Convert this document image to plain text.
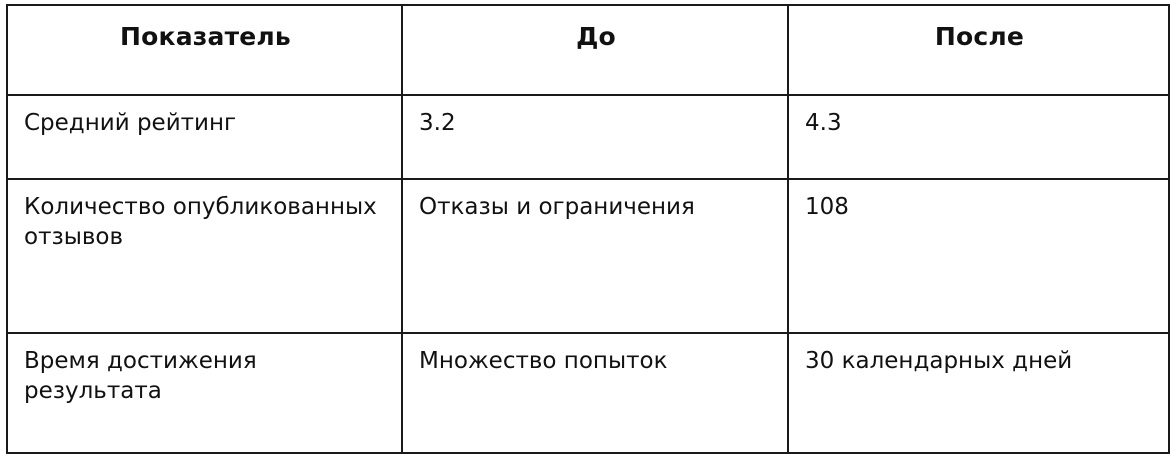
Показатель	До	После
Средний рейтинг	3.2	4.3
Количество опубликованных отзывов	Отказы и ограничения	108
Время достижения результата	Множество попыток	30 календарных дней
